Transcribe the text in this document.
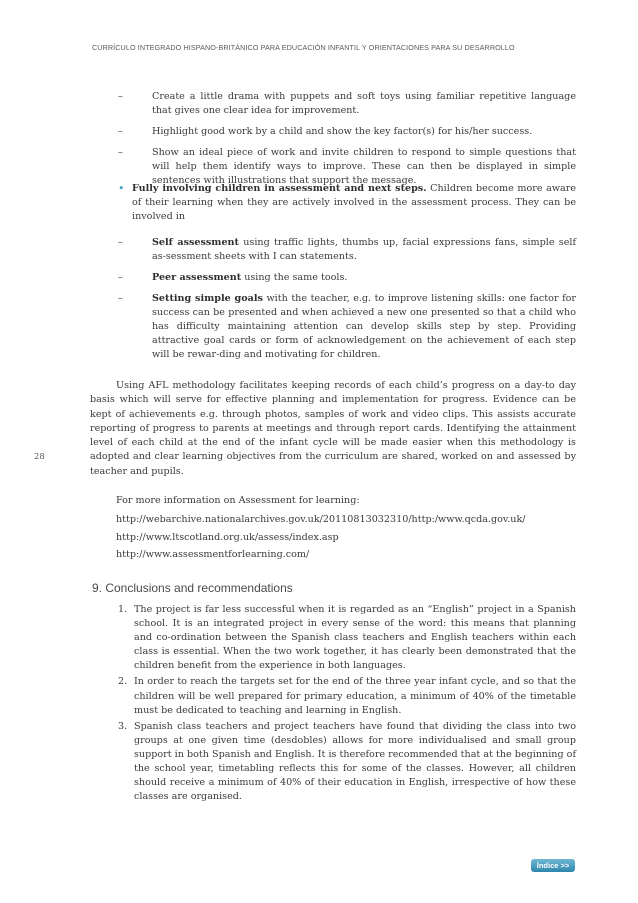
CURRÍCULO INTEGRADO HISPANO-BRITÁNICO PARA EDUCACIÓN INFANTIL Y ORIENTACIONES PARA SU DESARROLLO
–	Create a little drama with puppets and soft toys using familiar repetitive language that gives one clear idea for improvement.
–	Highlight good work by a child and show the key factor(s) for his/her success.
–	Show an ideal piece of work and invite children to respond to simple questions that will help them identify ways to improve. These can then be displayed in simple sentences with illustrations that support the message.
• Fully involving children in assessment and next steps. Children become more aware of their learning when they are actively involved in the assessment process. They can be involved in
–	Self assessment using traffic lights, thumbs up, facial expressions fans, simple self as-sessment sheets with I can statements.
–	Peer assessment using the same tools.
–	Setting simple goals with the teacher, e.g. to improve listening skills: one factor for success can be presented and when achieved a new one presented so that a child who has difficulty maintaining attention can develop skills step by step. Providing attractive goal cards or form of acknowledgement on the achievement of each step will be rewar-ding and motivating for children.

Using AFL methodology facilitates keeping records of each child’s progress on a day-to day basis which will serve for effective planning and implementation for progress. Evidence can be kept of achievements e.g. through photos, samples of work and video clips. This assists accurate reporting of progress to parents at meetings and through report cards. Identifying the attainment level of each child at the end of the infant cycle will be made easier when this methodology is adopted and clear learning objectives from the curriculum are shared, worked on and assessed by teacher and pupils.

28
For more information on Assessment for learning:
http://webarchive.nationalarchives.gov.uk/20110813032310/http:/www.qcda.gov.uk/
http://www.ltscotland.org.uk/assess/index.asp
http://www.assessmentforlearning.com/
9. Conclusions and recommendations
1. The project is far less successful when it is regarded as an “English” project in a Spanish school. It is an integrated project in every sense of the word: this means that planning and co-ordination between the Spanish class teachers and English teachers within each class is essential. When the two work together, it has clearly been demonstrated that the children benefit from the experience in both languages.
2. In order to reach the targets set for the end of the three year infant cycle, and so that the children will be well prepared for primary education, a minimum of 40% of the timetable must be dedicated to teaching and learning in English.
3. Spanish class teachers and project teachers have found that dividing the class into two groups at one given time (desdobles) allows for more individualised and small group support in both Spanish and English. It is therefore recommended that at the beginning of the school year, timetabling reflects this for some of the classes. However, all children should receive a minimum of 40% of their education in English, irrespective of how these classes are organised.
Índice >>
